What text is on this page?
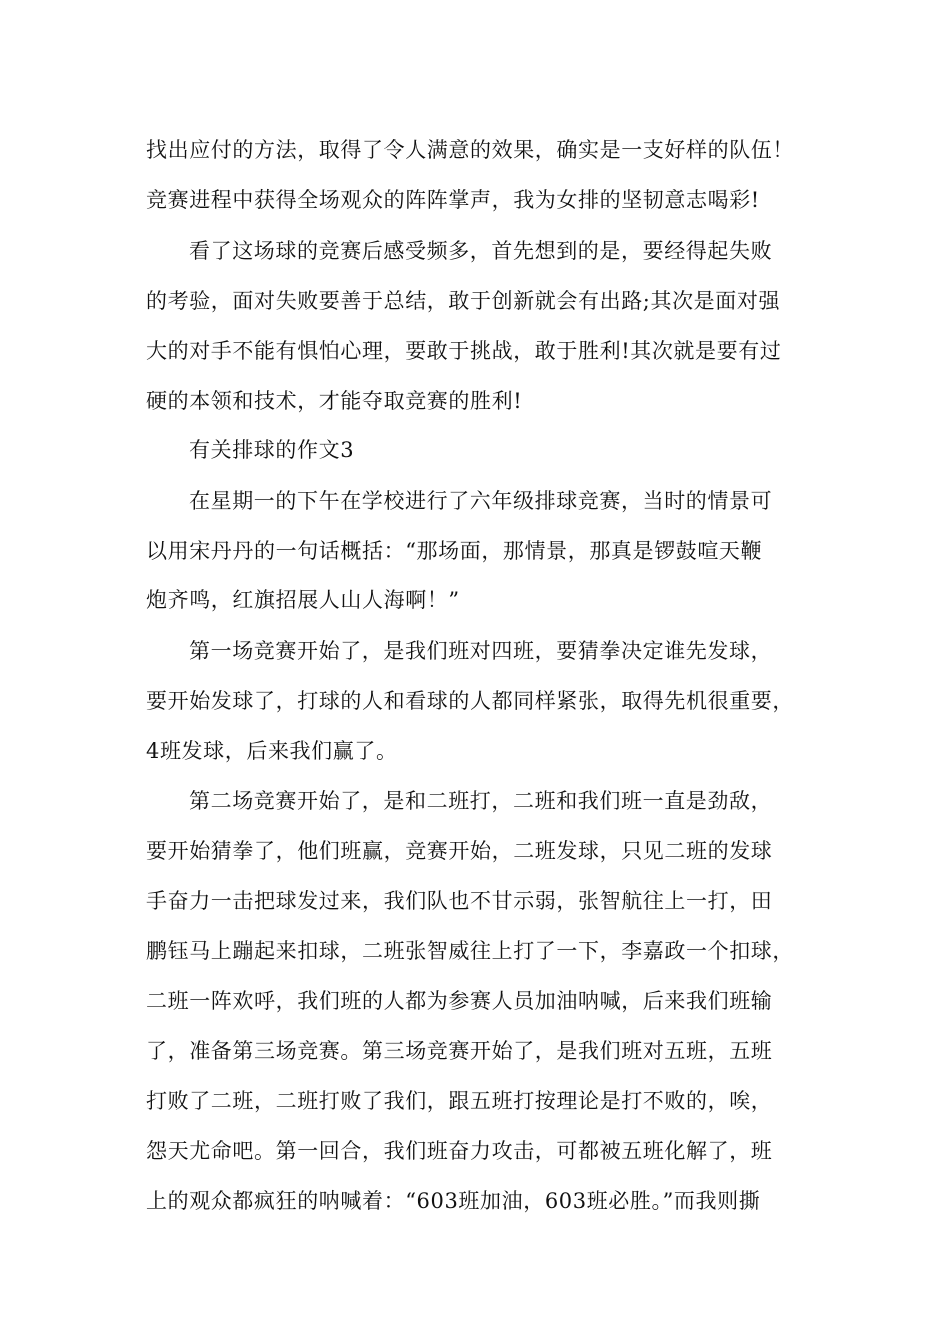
找出应付的方法，取得了令人满意的效果，确实是一支好样的队伍！
竞赛进程中获得全场观众的阵阵掌声，我为女排的坚韧意志喝彩!
看了这场球的竞赛后感受频多，首先想到的是，要经得起失败
的考验，面对失败要善于总结，敢于创新就会有出路;其次是面对强
大的对手不能有惧怕心理，要敢于挑战，敢于胜利!其次就是要有过
硬的本领和技术，才能夺取竞赛的胜利!
有关排球的作文3
在星期一的下午在学校进行了六年级排球竞赛，当时的情景可
以用宋丹丹的一句话概括：“那场面，那情景，那真是锣鼓喧天鞭
炮齐鸣，红旗招展人山人海啊！”
第一场竞赛开始了，是我们班对四班，要猜拳决定谁先发球，
要开始发球了，打球的人和看球的人都同样紧张，取得先机很重要，
4班发球，后来我们赢了。
第二场竞赛开始了，是和二班打，二班和我们班一直是劲敌，
要开始猜拳了，他们班赢，竞赛开始，二班发球，只见二班的发球
手奋力一击把球发过来，我们队也不甘示弱，张智航往上一打，田
鹏钰马上蹦起来扣球，二班张智威往上打了一下，李嘉政一个扣球，
二班一阵欢呼，我们班的人都为参赛人员加油呐喊，后来我们班输
了，准备第三场竞赛。第三场竞赛开始了，是我们班对五班，五班
打败了二班，二班打败了我们，跟五班打按理论是打不败的，唉，
怨天尤命吧。第一回合，我们班奋力攻击，可都被五班化解了，班
上的观众都疯狂的呐喊着：“603班加油，603班必胜。”而我则撕
